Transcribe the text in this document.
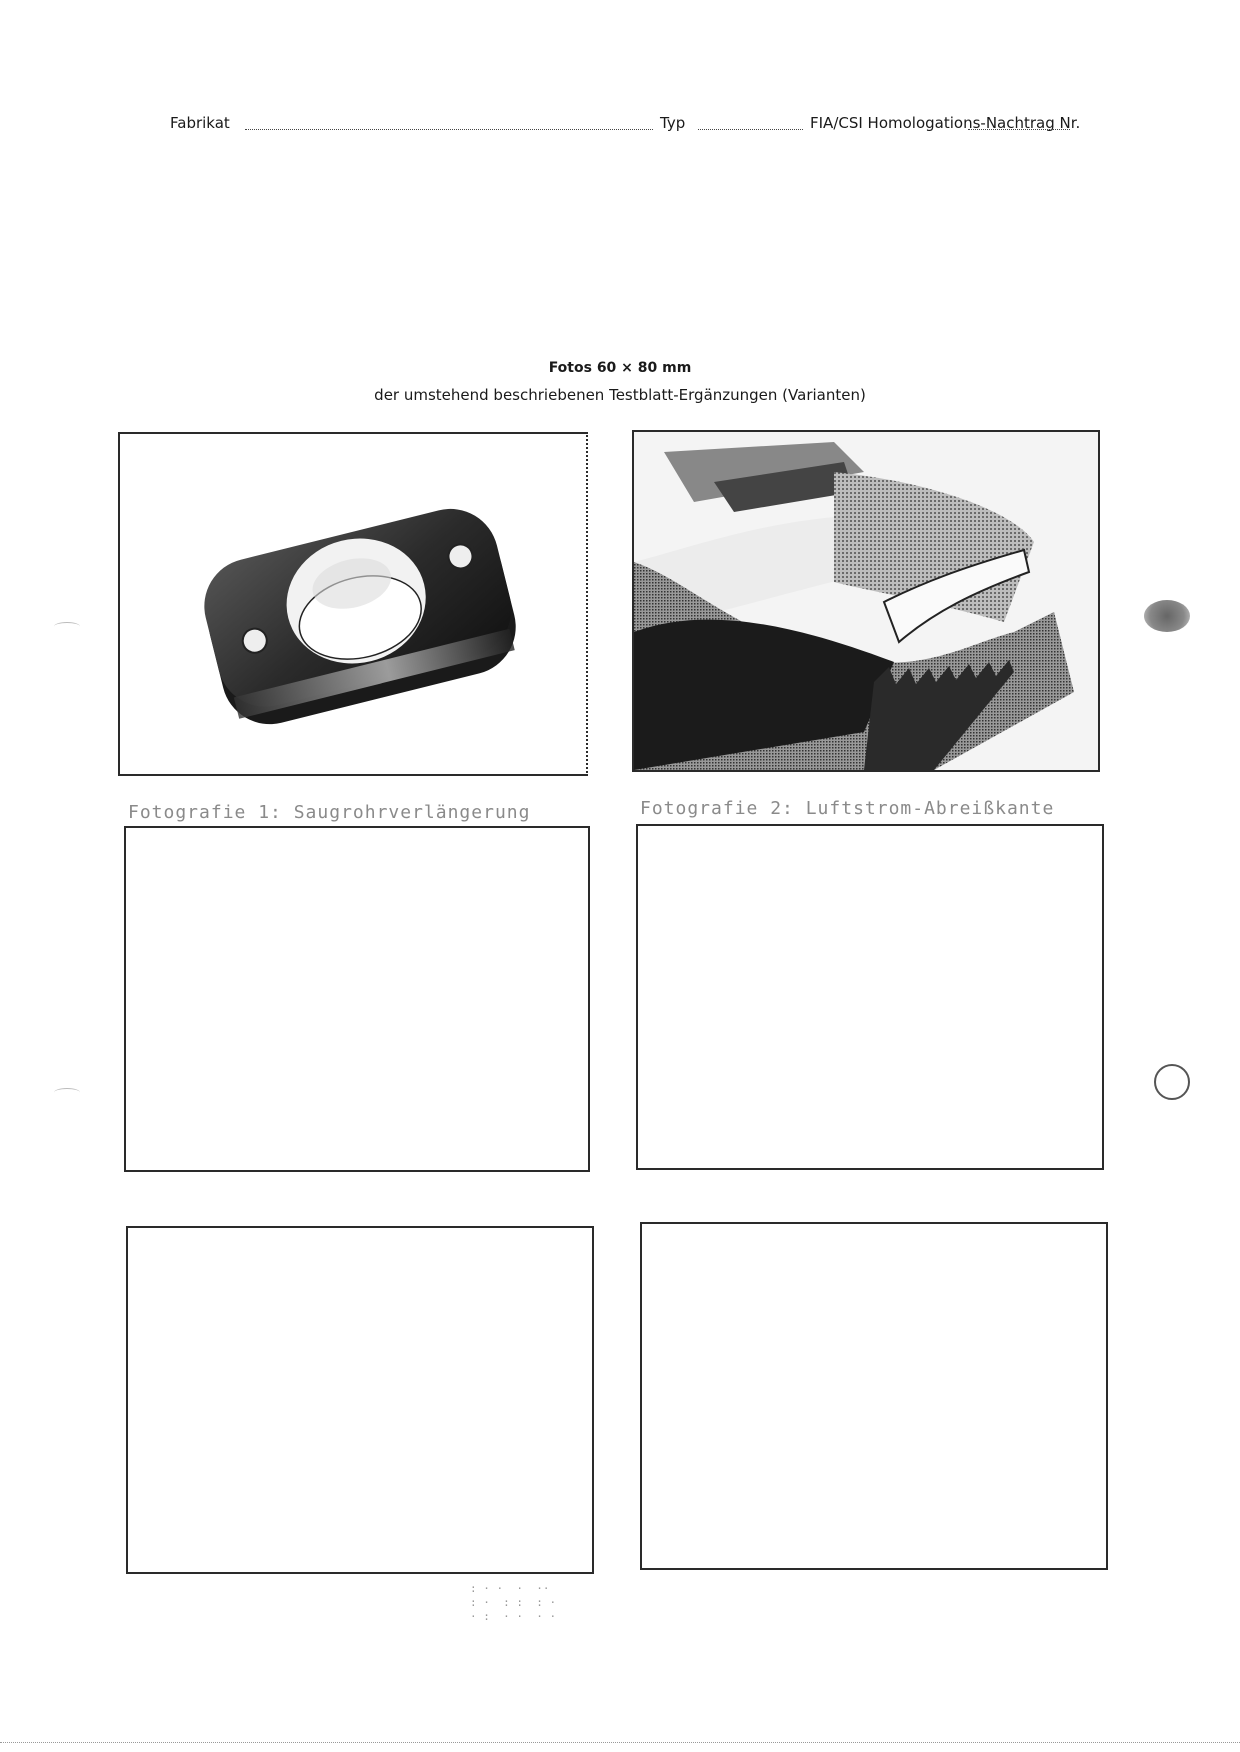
Fabrikat	Typ	FIA/CSI Homologations-Nachtrag Nr.
Fotos 60 × 80 mm
der umstehend beschriebenen Testblatt-Ergänzungen (Varianten)
Fotografie 1: Saugrohrverlängerung	Fotografie 2: Luftstrom-Abreißkante
: · ·  ·  ··
: ·  : :  : ·
· :  · ·  · ·
